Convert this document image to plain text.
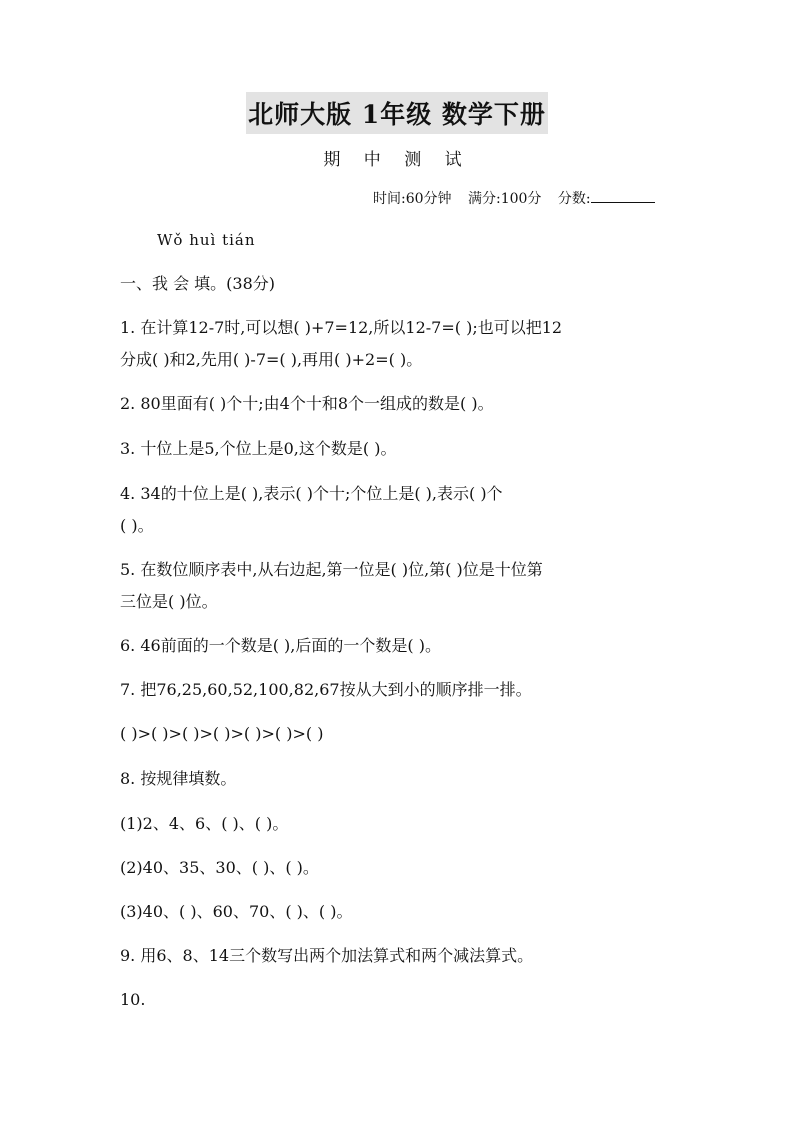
北师大版 1年级 数学下册
期 中 测 试
时间:60分钟 满分:100分 分数:
Wǒ huì tián
一、我 会 填。(38分)
1. 在计算12-7时,可以想( )+7=12,所以12-7=( );也可以把12
分成( )和2,先用( )-7=( ),再用( )+2=( )。
2. 80里面有( )个十;由4个十和8个一组成的数是( )。
3. 十位上是5,个位上是0,这个数是( )。
4. 34的十位上是( ),表示( )个十;个位上是( ),表示( )个
( )。
5. 在数位顺序表中,从右边起,第一位是( )位,第( )位是十位第
三位是( )位。
6. 46前面的一个数是( ),后面的一个数是( )。
7. 把76,25,60,52,100,82,67按从大到小的顺序排一排。
( )>( )>( )>( )>( )>( )>( )
8. 按规律填数。
(1)2、4、6、( )、( )。
(2)40、35、30、( )、( )。
(3)40、( )、60、70、( )、( )。
9. 用6、8、14三个数写出两个加法算式和两个减法算式。
10.
